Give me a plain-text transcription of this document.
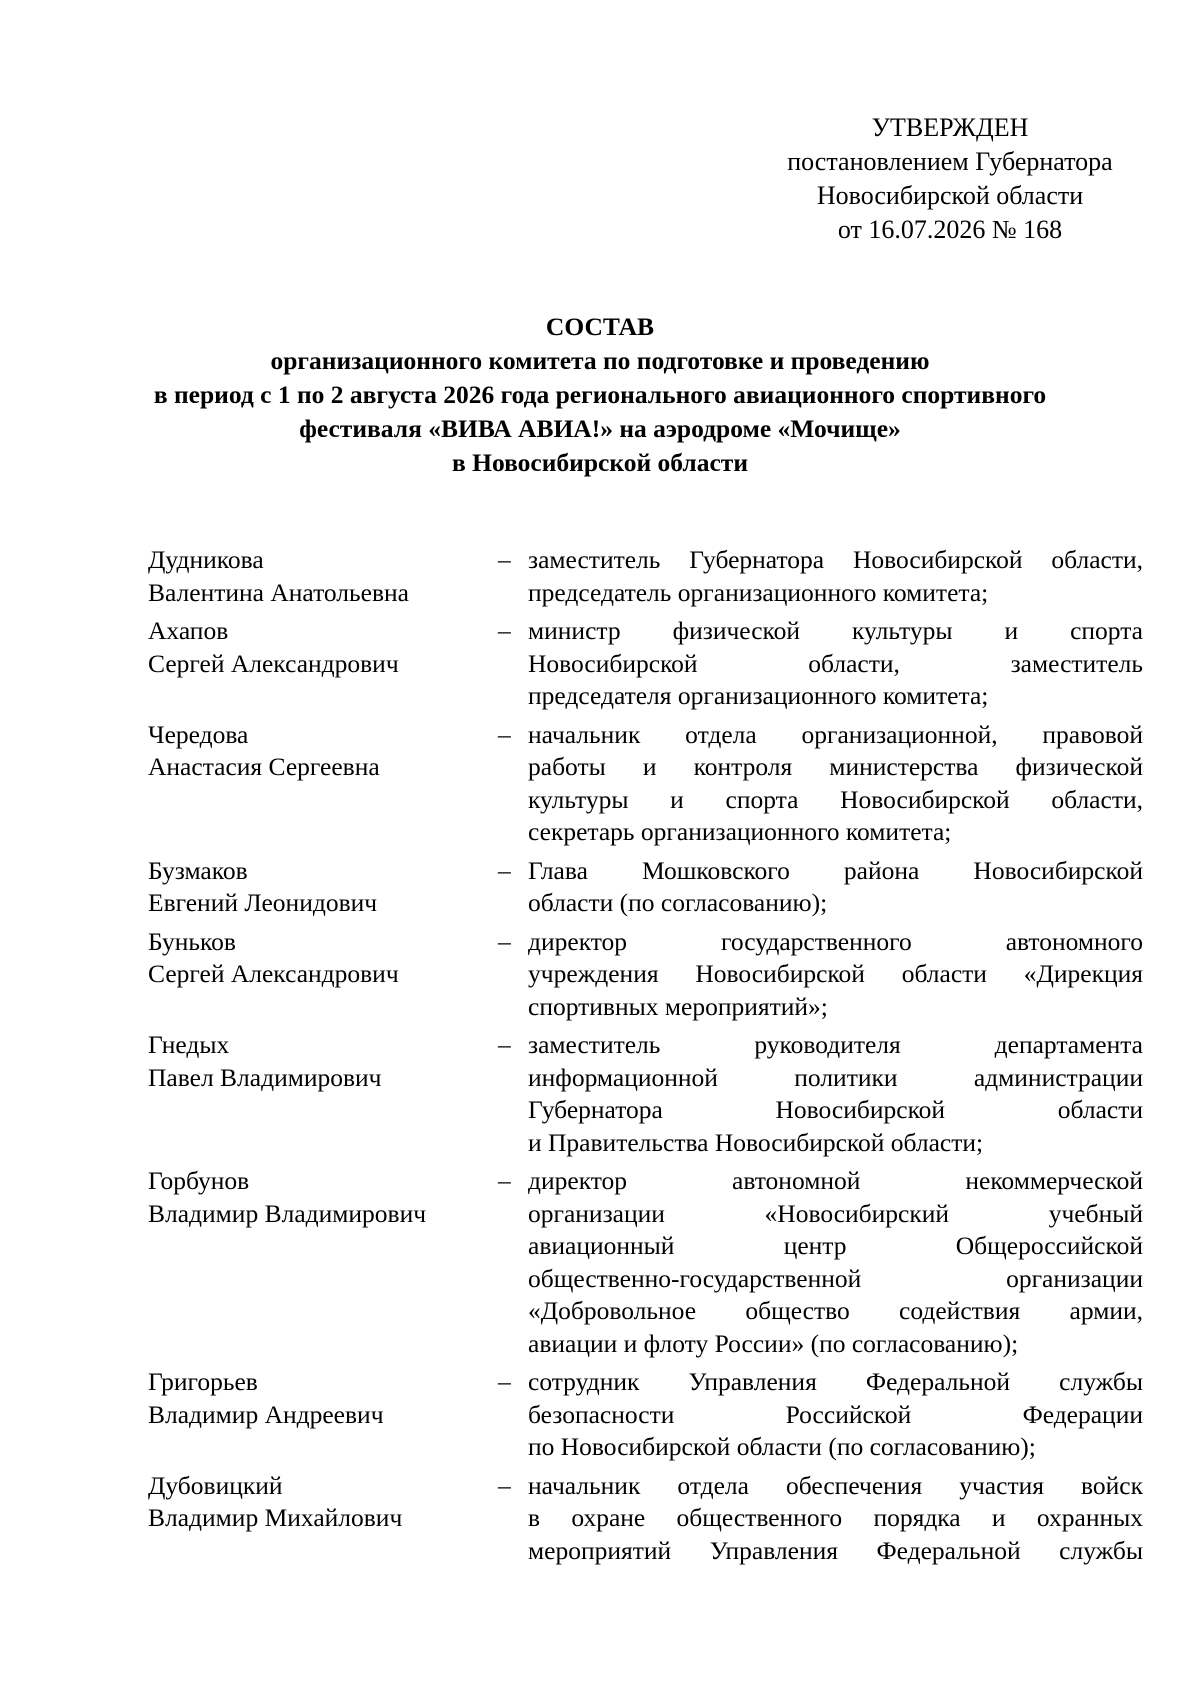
УТВЕРЖДЕН
постановлением Губернатора
Новосибирской области
от 16.07.2026 № 168
СОСТАВ
организационного комитета по подготовке и проведению
в период с 1 по 2 августа 2026 года регионального авиационного спортивного
фестиваля «ВИВА АВИА!» на аэродроме «Мочище»
в Новосибирской области
Дудникова
Валентина Анатольевна
– заместитель Губернатора Новосибирской области,
председатель организационного комитета;
Ахапов
Сергей Александрович
– министр физической культуры и спорта
Новосибирской области, заместитель
председателя организационного комитета;
Чередова
Анастасия Сергеевна
– начальник отдела организационной, правовой
работы и контроля министерства физической
культуры и спорта Новосибирской области,
секретарь организационного комитета;
Бузмаков
Евгений Леонидович
– Глава Мошковского района Новосибирской
области (по согласованию);
Буньков
Сергей Александрович
– директор государственного автономного
учреждения Новосибирской области «Дирекция
спортивных мероприятий»;
Гнедых
Павел Владимирович
– заместитель руководителя департамента
информационной политики администрации
Губернатора Новосибирской области
и Правительства Новосибирской области;
Горбунов
Владимир Владимирович
– директор автономной некоммерческой
организации «Новосибирский учебный
авиационный центр Общероссийской
общественно-государственной организации
«Добровольное общество содействия армии,
авиации и флоту России» (по согласованию);
Григорьев
Владимир Андреевич
– сотрудник Управления Федеральной службы
безопасности Российской Федерации
по Новосибирской области (по согласованию);
Дубовицкий
Владимир Михайлович
– начальник отдела обеспечения участия войск
в охране общественного порядка и охранных
мероприятий Управления Федеральной службы
